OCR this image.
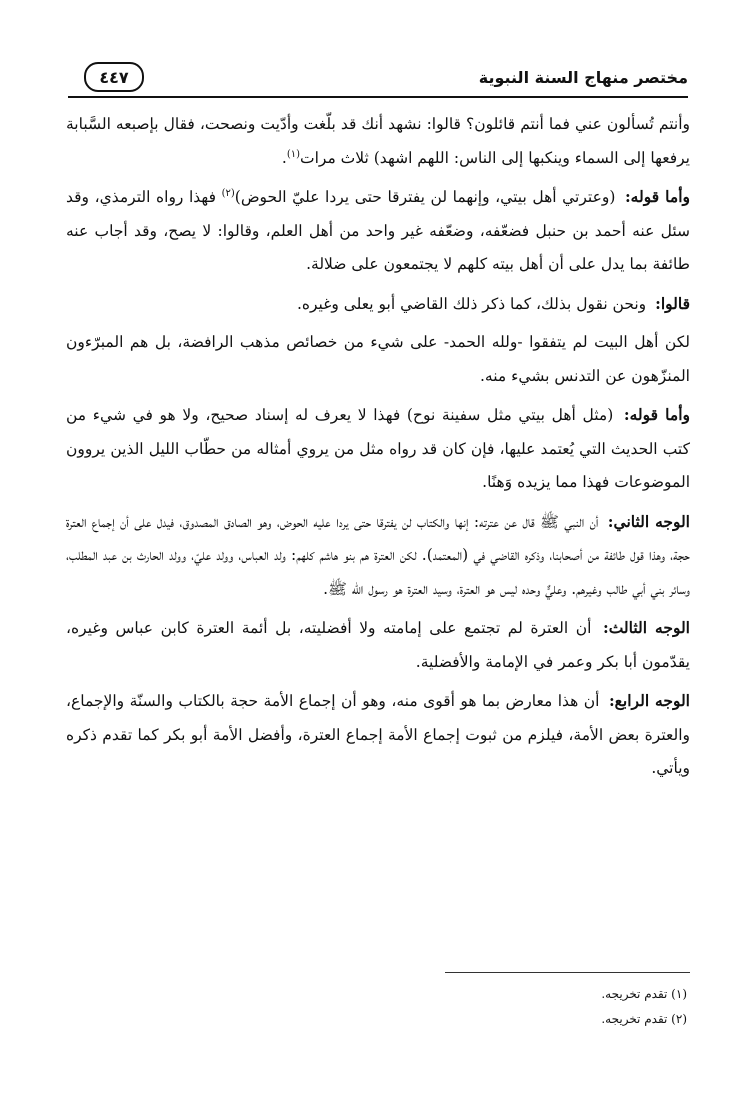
مختصر منهاج السنة النبوية
٤٤٧

وأنتم تُسألون عني فما أنتم قائلون؟ قالوا: نشهد أنك قد بلّغت وأدّيت ونصحت، فقال بإصبعه السَّبابة يرفعها إلى السماء وينكبها إلى الناس: اللهم اشهد) ثلاث مرات$^{(١)}$.

وأما قوله: (وعترتي أهل بيتي، وإنهما لن يفترقا حتى يردا عليّ الحوض)$^{(٢)}$ فهذا رواه الترمذي، وقد سئل عنه أحمد بن حنبل فضعّفه، وضعّفه غير واحد من أهل العلم، وقالوا: لا يصح، وقد أجاب عنه طائفة بما يدل على أن أهل بيته كلهم لا يجتمعون على ضلالة.

قالوا: ونحن نقول بذلك، كما ذكر ذلك القاضي أبو يعلى وغيره.

لكن أهل البيت لم يتفقوا -ولله الحمد- على شيء من خصائص مذهب الرافضة، بل هم المبرّءون المنزّهون عن التدنس بشيء منه.

وأما قوله: (مثل أهل بيتي مثل سفينة نوح) فهذا لا يعرف له إسناد صحيح، ولا هو في شيء من كتب الحديث التي يُعتمد عليها، فإن كان قد رواه مثل من يروي أمثاله من حطّاب الليل الذين يروون الموضوعات فهذا مما يزيده وَهنًا.

الوجه الثاني: أن النبي ﷺ قال عن عترته: إنها والكتاب لن يفترقا حتى يردا عليه الحوض، وهو الصادق المصدوق، فيدل على أن إجماع العترة حجة، وهذا قول طائفة من أصحابنا، وذكره القاضي في (المعتمد). لكن العترة هم بنو هاشم كلهم: ولد العباس، وولد عليّ، وولد الحارث بن عبد المطلب، وسائر بني أبي طالب وغيرهم. وعليٌّ وحده ليس هو العترة، وسيد العترة هو رسول الله ﷺ.

الوجه الثالث: أن العترة لم تجتمع على إمامته ولا أفضليته، بل أئمة العترة كابن عباس وغيره، يقدّمون أبا بكر وعمر في الإمامة والأفضلية.

الوجه الرابع: أن هذا معارض بما هو أقوى منه، وهو أن إجماع الأمة حجة بالكتاب والسنّة والإجماع، والعترة بعض الأمة، فيلزم من ثبوت إجماع الأمة إجماع العترة، وأفضل الأمة أبو بكر كما تقدم ذكره ويأتي.

(١) تقدم تخريجه.
(٢) تقدم تخريجه.
